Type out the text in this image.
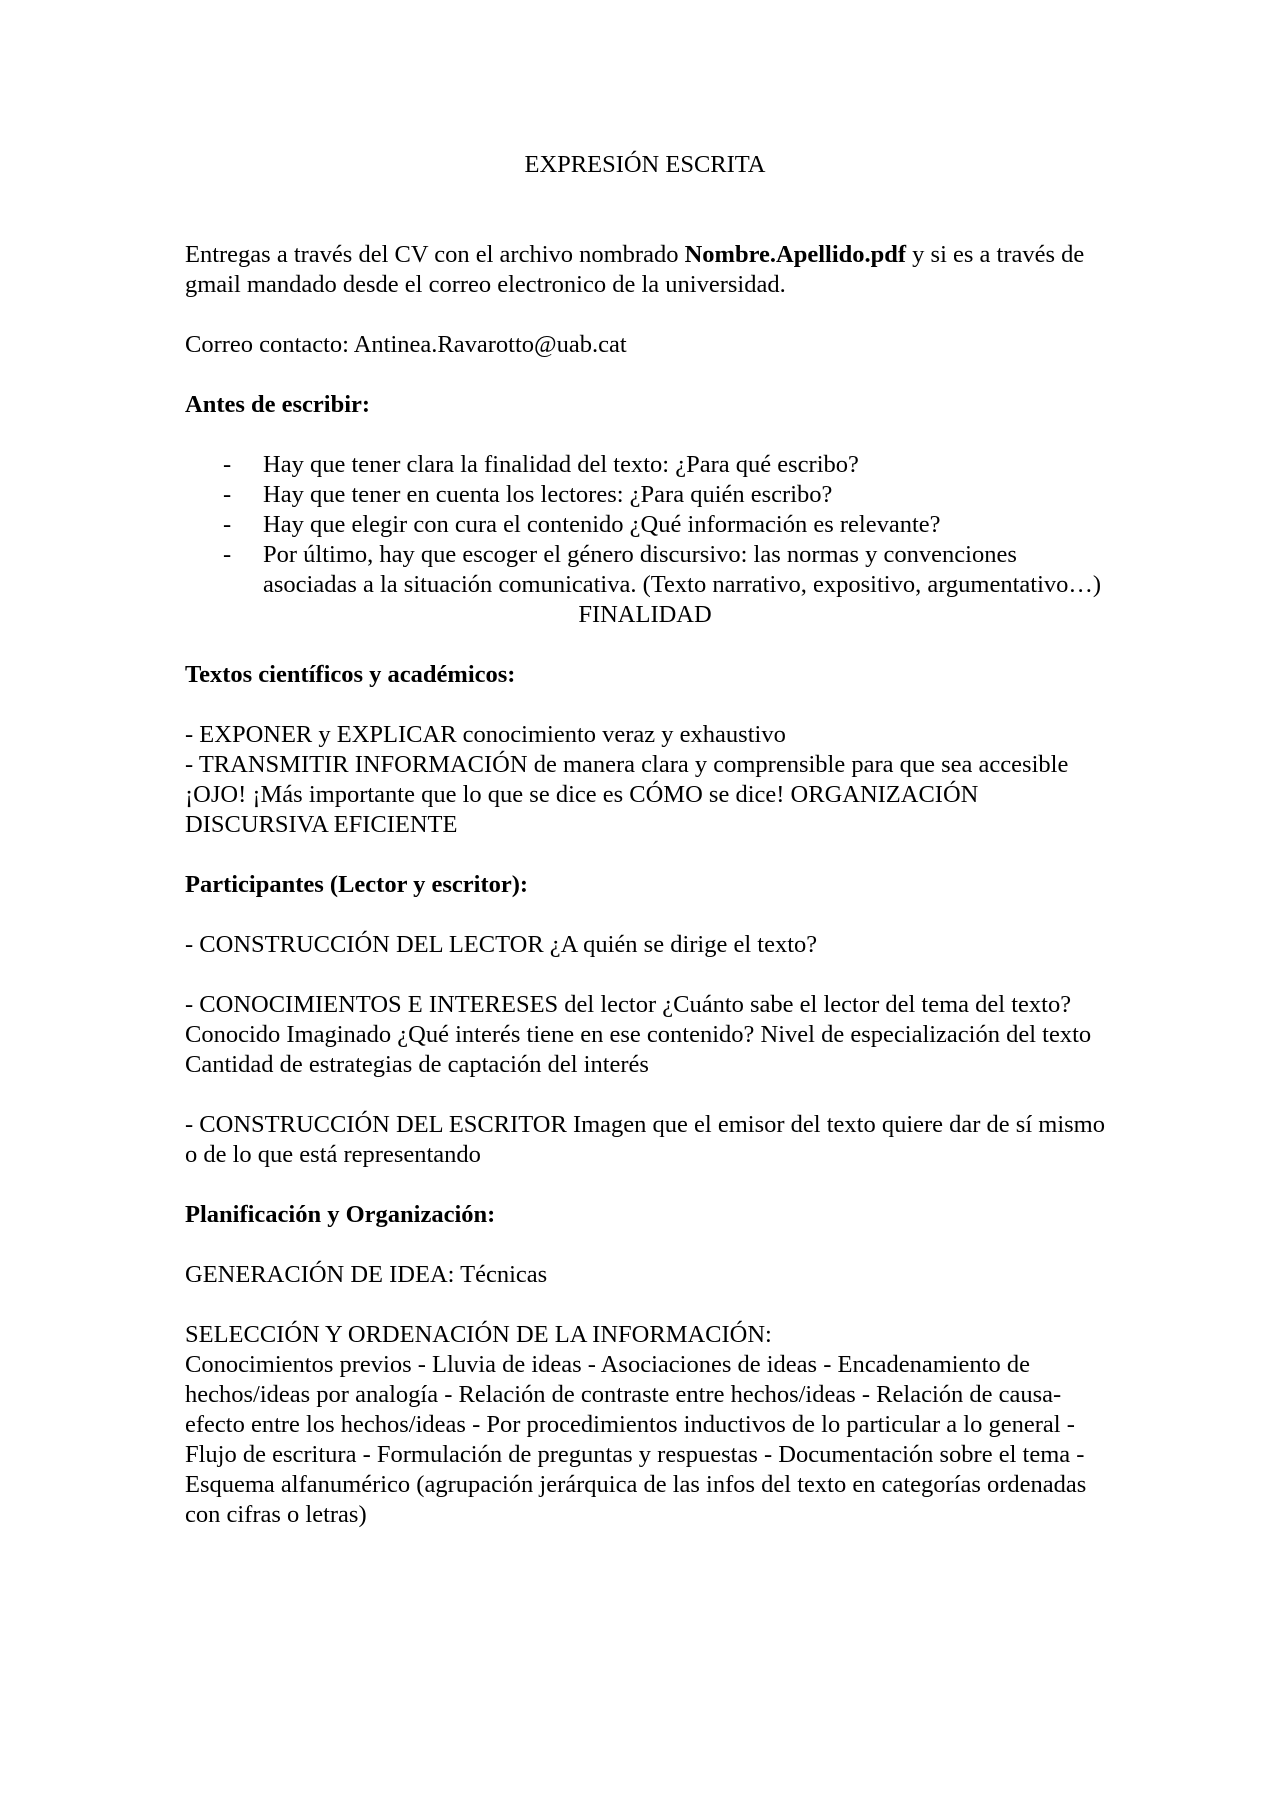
EXPRESIÓN ESCRITA

Entregas a través del CV con el archivo nombrado Nombre.Apellido.pdf y si es a través de gmail mandado desde el correo electronico de la universidad.

Correo contacto: Antinea.Ravarotto@uab.cat

Antes de escribir:

- Hay que tener clara la finalidad del texto: ¿Para qué escribo?
- Hay que tener en cuenta los lectores: ¿Para quién escribo?
- Hay que elegir con cura el contenido ¿Qué información es relevante?
- Por último, hay que escoger el género discursivo: las normas y convenciones asociadas a la situación comunicativa. (Texto narrativo, expositivo, argumentativo…)

FINALIDAD

Textos científicos y académicos:

- EXPONER y EXPLICAR conocimiento veraz y exhaustivo

- TRANSMITIR INFORMACIÓN de manera clara y comprensible para que sea accesible ¡OJO! ¡Más importante que lo que se dice es CÓMO se dice! ORGANIZACIÓN DISCURSIVA EFICIENTE

Participantes (Lector y escritor):

- CONSTRUCCIÓN DEL LECTOR ¿A quién se dirige el texto?

- CONOCIMIENTOS E INTERESES del lector ¿Cuánto sabe el lector del tema del texto? Conocido Imaginado ¿Qué interés tiene en ese contenido? Nivel de especialización del texto Cantidad de estrategias de captación del interés

- CONSTRUCCIÓN DEL ESCRITOR Imagen que el emisor del texto quiere dar de sí mismo o de lo que está representando

Planificación y Organización:

GENERACIÓN DE IDEA: Técnicas

SELECCIÓN Y ORDENACIÓN DE LA INFORMACIÓN:

Conocimientos previos - Lluvia de ideas - Asociaciones de ideas - Encadenamiento de hechos/ideas por analogía - Relación de contraste entre hechos/ideas - Relación de causa-efecto entre los hechos/ideas - Por procedimientos inductivos de lo particular a lo general - Flujo de escritura - Formulación de preguntas y respuestas - Documentación sobre el tema - Esquema alfanumérico (agrupación jerárquica de las infos del texto en categorías ordenadas con cifras o letras)
